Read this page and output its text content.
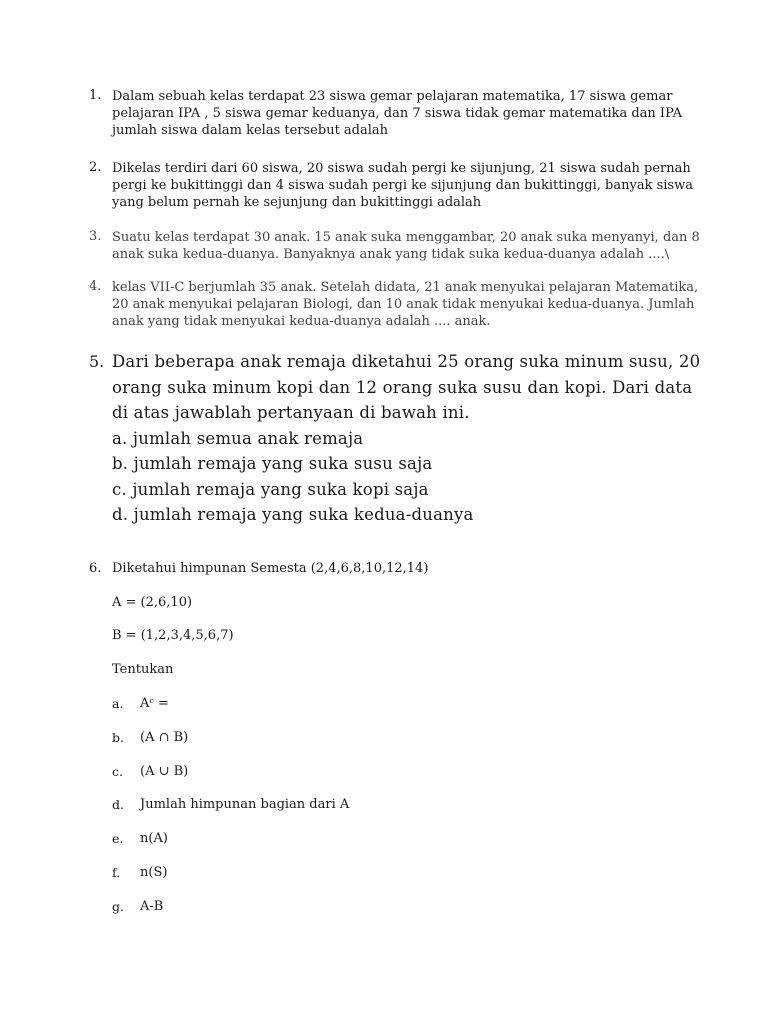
1. Dalam sebuah kelas terdapat 23 siswa gemar pelajaran matematika, 17 siswa gemar
pelajaran IPA , 5 siswa gemar keduanya, dan 7 siswa tidak gemar matematika dan IPA
jumlah siswa dalam kelas tersebut adalah
2. Dikelas terdiri dari 60 siswa, 20 siswa sudah pergi ke sijunjung, 21 siswa sudah pernah
pergi ke bukittinggi dan 4 siswa sudah pergi ke sijunjung dan bukittinggi, banyak siswa
yang belum pernah ke sejunjung dan bukittinggi adalah
3. Suatu kelas terdapat 30 anak. 15 anak suka menggambar, 20 anak suka menyanyi, dan 8
anak suka kedua-duanya. Banyaknya anak yang tidak suka kedua-duanya adalah ....\
4. kelas VII-C berjumlah 35 anak. Setelah didata, 21 anak menyukai pelajaran Matematika,
20 anak menyukai pelajaran Biologi, dan 10 anak tidak menyukai kedua-duanya. Jumlah
anak yang tidak menyukai kedua-duanya adalah .... anak.
5. Dari beberapa anak remaja diketahui 25 orang suka minum susu, 20
orang suka minum kopi dan 12 orang suka susu dan kopi. Dari data
di atas jawablah pertanyaan di bawah ini.
a. jumlah semua anak remaja
b. jumlah remaja yang suka susu saja
c. jumlah remaja yang suka kopi saja
d. jumlah remaja yang suka kedua-duanya
6. Diketahui himpunan Semesta (2,4,6,8,10,12,14)
A = (2,6,10)
B = (1,2,3,4,5,6,7)
Tentukan
a. Aᶜ =
b. (A ∩ B)
c. (A ∪ B)
d. Jumlah himpunan bagian dari A
e. n(A)
f. n(S)
g. A-B
